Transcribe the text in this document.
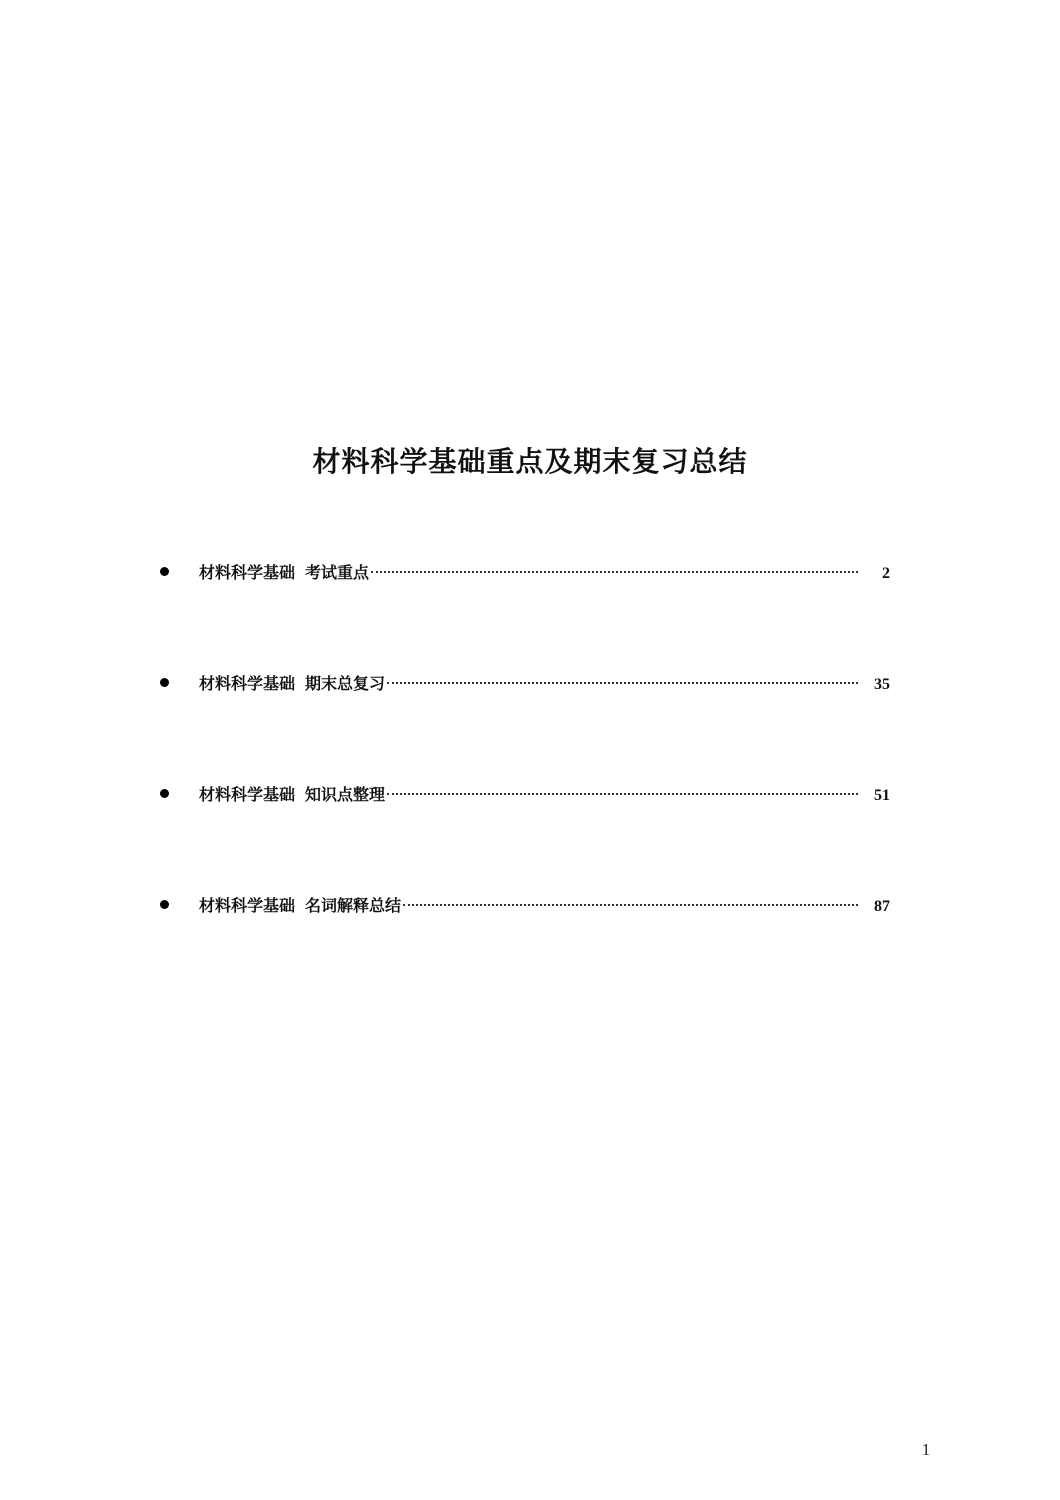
材料科学基础重点及期末复习总结
材料科学基础 考试重点	2
材料科学基础 期末总复习	35
材料科学基础 知识点整理	51
材料科学基础 名词解释总结	87
1
